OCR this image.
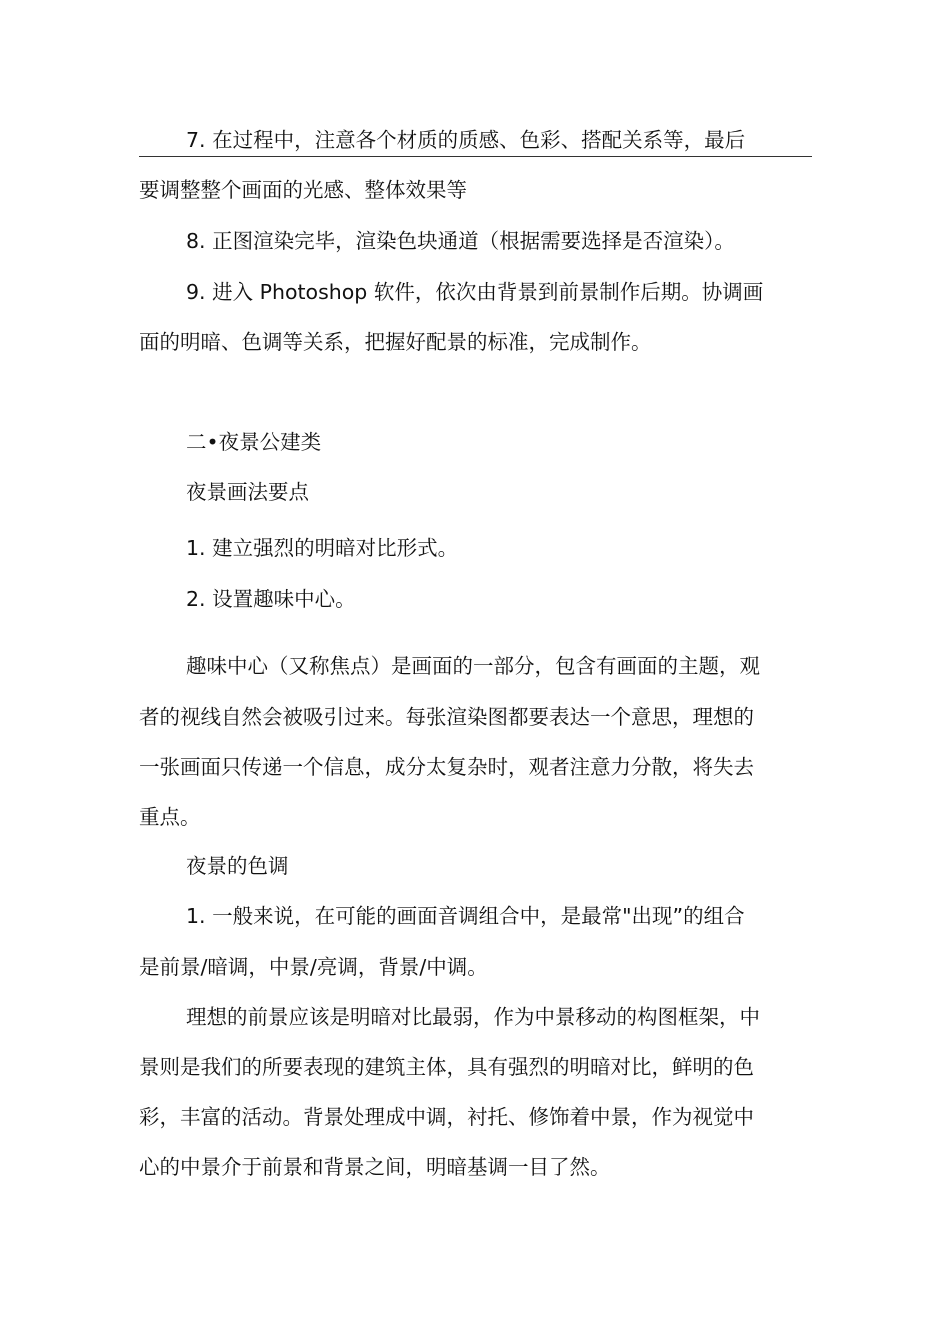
7. 在过程中，注意各个材质的质感、色彩、搭配关系等，最后
要调整整个画面的光感、整体效果等
8. 正图渲染完毕，渲染色块通道（根据需要选择是否渲染）。
9. 进入 Photoshop 软件，依次由背景到前景制作后期。协调画
面的明暗、色调等关系，把握好配景的标准，完成制作。
二•夜景公建类
夜景画法要点
1. 建立强烈的明暗对比形式。
2. 设置趣味中心。
趣味中心（又称焦点）是画面的一部分，包含有画面的主题，观
者的视线自然会被吸引过来。每张渲染图都要表达一个意思，理想的
一张画面只传递一个信息，成分太复杂时，观者注意力分散，将失去
重点。
夜景的色调
1. 一般来说，在可能的画面音调组合中，是最常"出现”的组合
是前景/暗调，中景/亮调，背景/中调。
理想的前景应该是明暗对比最弱，作为中景移动的构图框架，中
景则是我们的所要表现的建筑主体，具有强烈的明暗对比，鲜明的色
彩，丰富的活动。背景处理成中调，衬托、修饰着中景，作为视觉中
心的中景介于前景和背景之间，明暗基调一目了然。
